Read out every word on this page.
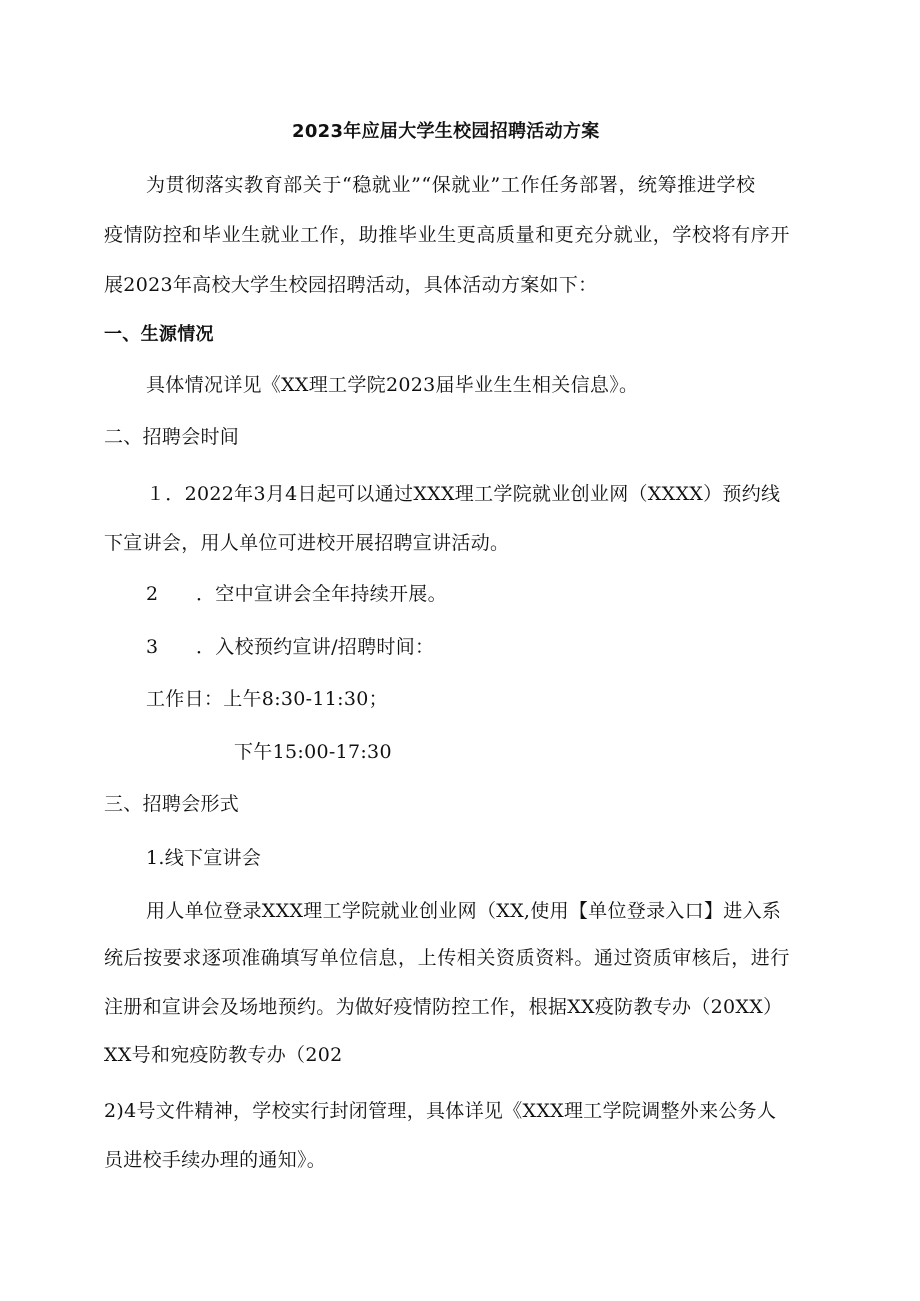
2023年应届大学生校园招聘活动方案
为贯彻落实教育部关于“稳就业”“保就业”工作任务部署，统筹推进学校
疫情防控和毕业生就业工作，助推毕业生更高质量和更充分就业，学校将有序开
展2023年高校大学生校园招聘活动，具体活动方案如下：
一、生源情况
具体情况详见《XX理工学院2023届毕业生生相关信息》。
二、招聘会时间
１．2022年3月4日起可以通过XXX理工学院就业创业网（XXXX）预约线
下宣讲会，用人单位可进校开展招聘宣讲活动。
2 ．空中宣讲会全年持续开展。
3 ．入校预约宣讲/招聘时间：
工作日：上午8:30-11:30；
下午15:00-17:30
三、招聘会形式
1.线下宣讲会
用人单位登录XXX理工学院就业创业网（XX,使用【单位登录入口】进入系
统后按要求逐项准确填写单位信息，上传相关资质资料。通过资质审核后，进行
注册和宣讲会及场地预约。为做好疫情防控工作，根据XX疫防教专办（20XX）
XX号和宛疫防教专办（202
2)4号文件精神，学校实行封闭管理，具体详见《XXX理工学院调整外来公务人
员进校手续办理的通知》。
